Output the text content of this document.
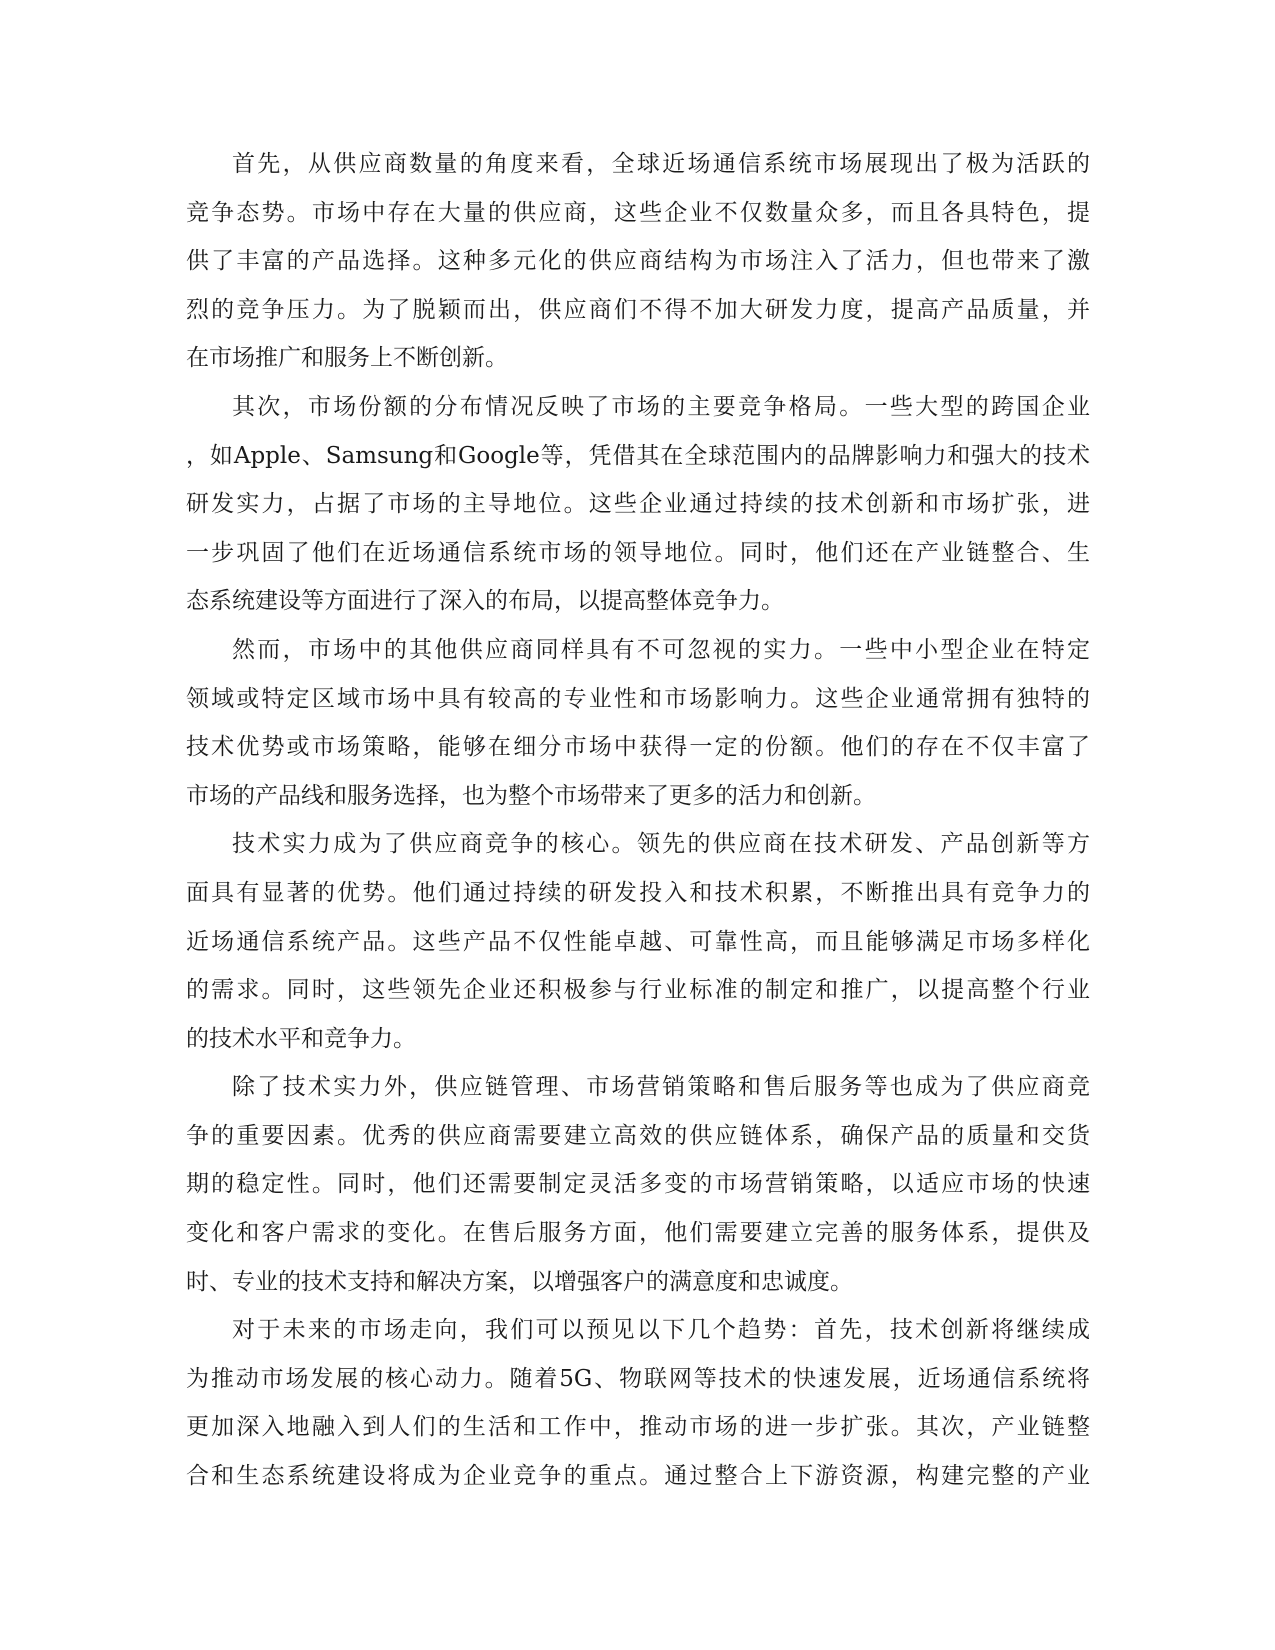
首先，从供应商数量的角度来看，全球近场通信系统市场展现出了极为活跃的
竞争态势。市场中存在大量的供应商，这些企业不仅数量众多，而且各具特色，提
供了丰富的产品选择。这种多元化的供应商结构为市场注入了活力，但也带来了激
烈的竞争压力。为了脱颖而出，供应商们不得不加大研发力度，提高产品质量，并
在市场推广和服务上不断创新。
其次，市场份额的分布情况反映了市场的主要竞争格局。一些大型的跨国企业
，如Apple、Samsung和Google等，凭借其在全球范围内的品牌影响力和强大的技术
研发实力，占据了市场的主导地位。这些企业通过持续的技术创新和市场扩张，进
一步巩固了他们在近场通信系统市场的领导地位。同时，他们还在产业链整合、生
态系统建设等方面进行了深入的布局，以提高整体竞争力。
然而，市场中的其他供应商同样具有不可忽视的实力。一些中小型企业在特定
领域或特定区域市场中具有较高的专业性和市场影响力。这些企业通常拥有独特的
技术优势或市场策略，能够在细分市场中获得一定的份额。他们的存在不仅丰富了
市场的产品线和服务选择，也为整个市场带来了更多的活力和创新。
技术实力成为了供应商竞争的核心。领先的供应商在技术研发、产品创新等方
面具有显著的优势。他们通过持续的研发投入和技术积累，不断推出具有竞争力的
近场通信系统产品。这些产品不仅性能卓越、可靠性高，而且能够满足市场多样化
的需求。同时，这些领先企业还积极参与行业标准的制定和推广，以提高整个行业
的技术水平和竞争力。
除了技术实力外，供应链管理、市场营销策略和售后服务等也成为了供应商竞
争的重要因素。优秀的供应商需要建立高效的供应链体系，确保产品的质量和交货
期的稳定性。同时，他们还需要制定灵活多变的市场营销策略，以适应市场的快速
变化和客户需求的变化。在售后服务方面，他们需要建立完善的服务体系，提供及
时、专业的技术支持和解决方案，以增强客户的满意度和忠诚度。
对于未来的市场走向，我们可以预见以下几个趋势：首先，技术创新将继续成
为推动市场发展的核心动力。随着5G、物联网等技术的快速发展，近场通信系统将
更加深入地融入到人们的生活和工作中，推动市场的进一步扩张。其次，产业链整
合和生态系统建设将成为企业竞争的重点。通过整合上下游资源，构建完整的产业
